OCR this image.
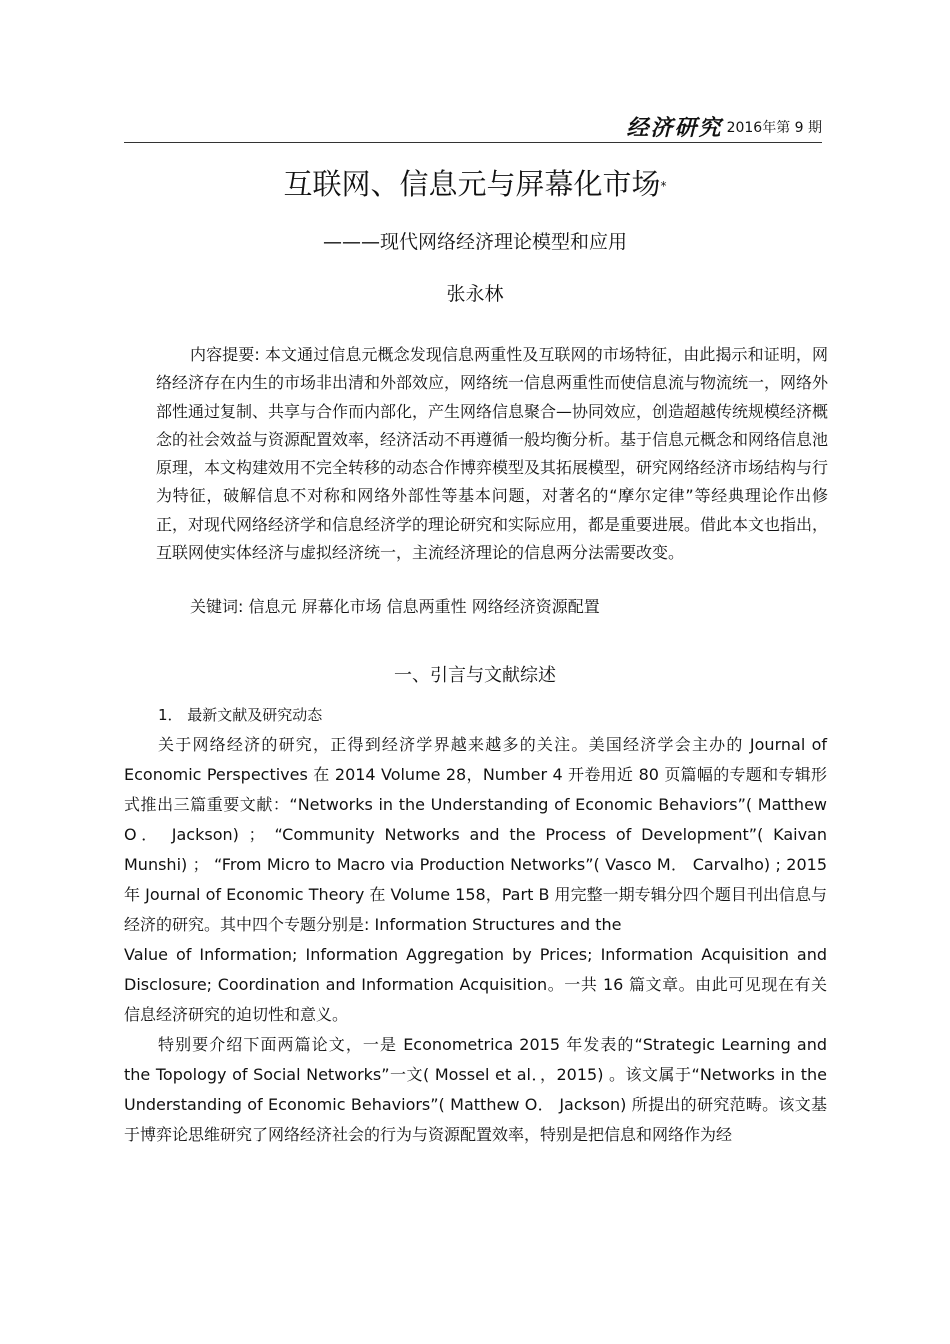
经济研究 2016年第 9 期
互联网、信息元与屏幕化市场*
———现代网络经济理论模型和应用
张永林

内容提要: 本文通过信息元概念发现信息两重性及互联网的市场特征，由此揭示和证明，网络经济存在内生的市场非出清和外部效应，网络统一信息两重性而使信息流与物流统一，网络外部性通过复制、共享与合作而内部化，产生网络信息聚合—协同效应，创造超越传统规模经济概念的社会效益与资源配置效率，经济活动不再遵循一般均衡分析。基于信息元概念和网络信息池原理，本文构建效用不完全转移的动态合作博弈模型及其拓展模型，研究网络经济市场结构与行为特征，破解信息不对称和网络外部性等基本问题，对著名的“摩尔定律”等经典理论作出修正，对现代网络经济学和信息经济学的理论研究和实际应用，都是重要进展。借此本文也指出，互联网使实体经济与虚拟经济统一，主流经济理论的信息两分法需要改变。

关键词: 信息元 屏幕化市场 信息两重性 网络经济资源配置
一、引言与文献综述

1． 最新文献及研究动态

关于网络经济的研究，正得到经济学界越来越多的关注。美国经济学会主办的 Journal of Economic Perspectives 在 2014 Volume 28，Number 4 开卷用近 80 页篇幅的专题和专辑形式推出三篇重要文献：“Networks in the Understanding of Economic Behaviors”( Matthew O． Jackson) ； “Community Networks and the Process of Development”( Kaivan Munshi) ； “From Micro to Macro via Production Networks”( Vasco M． Carvalho) ; 2015 年 Journal of Economic Theory 在 Volume 158，Part B 用完整一期专辑分四个题目刊出信息与经济的研究。其中四个专题分别是: Information Structures and the

Value of Information; Information Aggregation by Prices; Information Acquisition and Disclosure; Coordination and Information Acquisition。一共 16 篇文章。由此可见现在有关信息经济研究的迫切性和意义。

特别要介绍下面两篇论文，一是 Econometrica 2015 年发表的“Strategic Learning and the Topology of Social Networks”一文( Mossel et al．，2015) 。该文属于“Networks in the Understanding of Economic Behaviors”( Matthew O． Jackson) 所提出的研究范畴。该文基于博弈论思维研究了网络经济社会的行为与资源配置效率，特别是把信息和网络作为经
